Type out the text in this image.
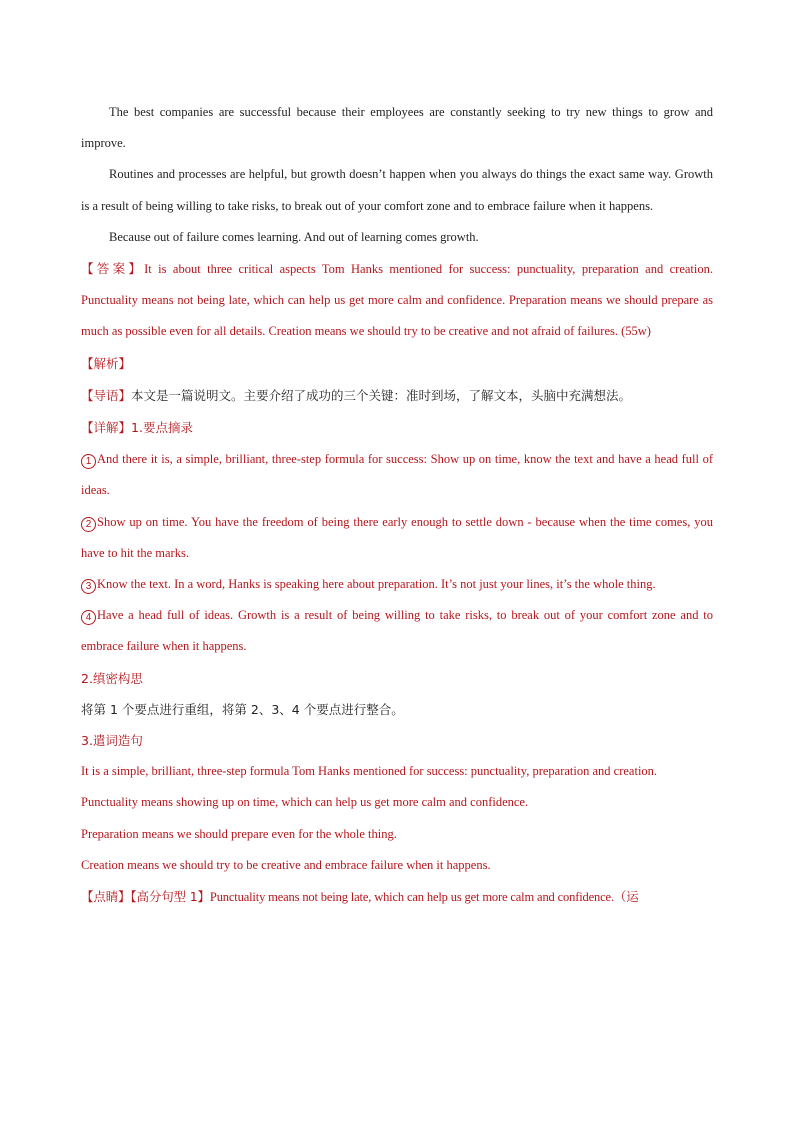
The best companies are successful because their employees are constantly seeking to try new things to grow and improve.

Routines and processes are helpful, but growth doesn’t happen when you always do things the exact same way. Growth is a result of being willing to take risks, to break out of your comfort zone and to embrace failure when it happens.

Because out of failure comes learning. And out of learning comes growth.

【答案】It is about three critical aspects Tom Hanks mentioned for success: punctuality, preparation and creation. Punctuality means not being late, which can help us get more calm and confidence. Preparation means we should prepare as much as possible even for all details. Creation means we should try to be creative and not afraid of failures. (55w)

【解析】

【导语】本文是一篇说明文。主要介绍了成功的三个关键：准时到场，了解文本，头脑中充满想法。

【详解】1.要点摘录

1 And there it is, a simple, brilliant, three-step formula for success: Show up on time, know the text and have a head full of ideas.

2 Show up on time. You have the freedom of being there early enough to settle down - because when the time comes, you have to hit the marks.

3 Know the text. In a word, Hanks is speaking here about preparation. It’s not just your lines, it’s the whole thing.

4 Have a head full of ideas. Growth is a result of being willing to take risks, to break out of your comfort zone and to embrace failure when it happens.

2.缜密构思

将第 1 个要点进行重组，将第 2、3、4 个要点进行整合。

3.遣词造句

It is a simple, brilliant, three-step formula Tom Hanks mentioned for success: punctuality, preparation and creation.

Punctuality means showing up on time, which can help us get more calm and confidence.

Preparation means we should prepare even for the whole thing.

Creation means we should try to be creative and embrace failure when it happens.

【点睛】【高分句型 1】Punctuality means not being late, which can help us get more calm and confidence.（运
